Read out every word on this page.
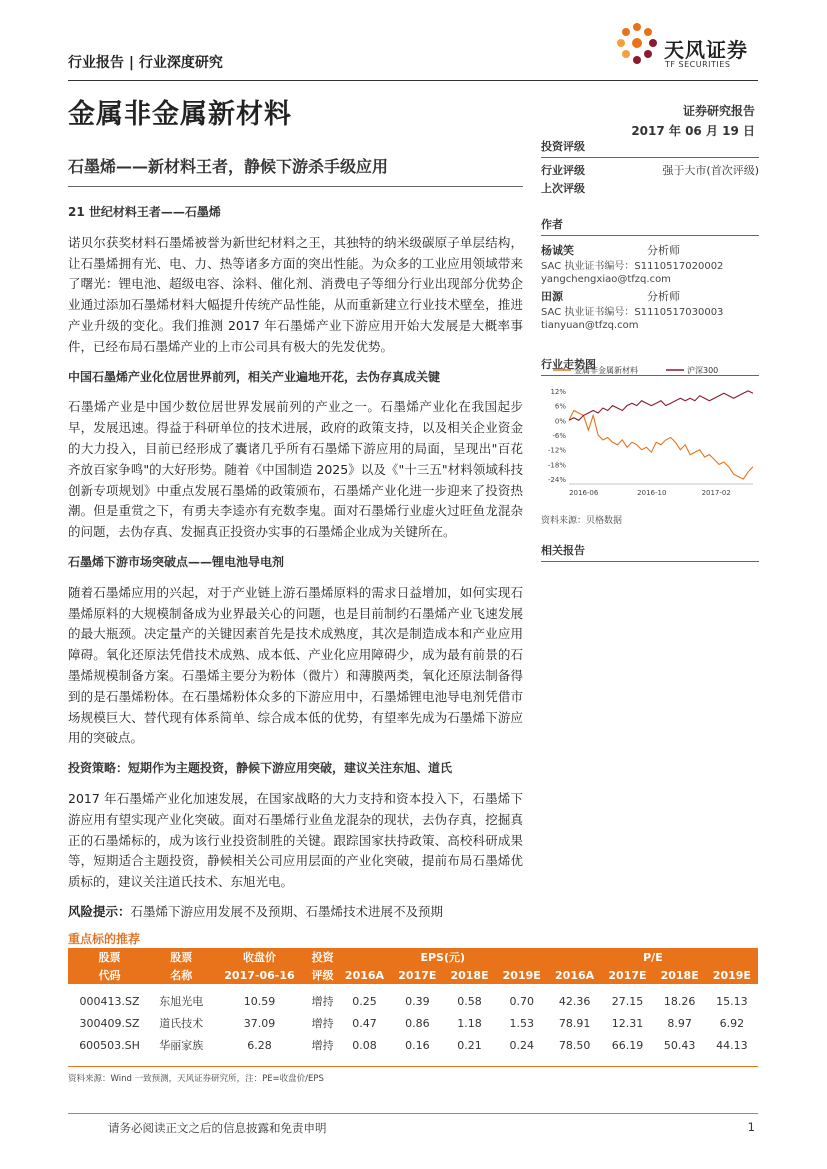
行业报告 | 行业深度研究
天风证券
TF SECURITIES
金属非金属新材料	证券研究报告
2017 年 06 月 19 日
石墨烯——新材料王者，静候下游杀手级应用
21 世纪材料王者——石墨烯

诺贝尔获奖材料石墨烯被誉为新世纪材料之王，其独特的纳米级碳原子单层结构，让石墨烯拥有光、电、力、热等诸多方面的突出性能。为众多的工业应用领域带来了曙光：锂电池、超级电容、涂料、催化剂、消费电子等细分行业出现部分优势企业通过添加石墨烯材料大幅提升传统产品性能，从而重新建立行业技术壁垒，推进产业升级的变化。我们推测 2017 年石墨烯产业下游应用开始大发展是大概率事件，已经布局石墨烯产业的上市公司具有极大的先发优势。

中国石墨烯产业化位居世界前列，相关产业遍地开花，去伪存真成关键

石墨烯产业是中国少数位居世界发展前列的产业之一。石墨烯产业化在我国起步早，发展迅速。得益于科研单位的技术进展，政府的政策支持，以及相关企业资金的大力投入，目前已经形成了囊诸几乎所有石墨烯下游应用的局面，呈现出"百花齐放百家争鸣"的大好形势。随着《中国制造 2025》以及《"十三五"材料领域科技创新专项规划》中重点发展石墨烯的政策颁布，石墨烯产业化进一步迎来了投资热潮。但是重赏之下，有勇夫李逵亦有充数李鬼。面对石墨烯行业虚火过旺鱼龙混杂的问题，去伪存真、发掘真正投资办实事的石墨烯企业成为关键所在。

石墨烯下游市场突破点——锂电池导电剂

随着石墨烯应用的兴起，对于产业链上游石墨烯原料的需求日益增加，如何实现石墨烯原料的大规模制备成为业界最关心的问题，也是目前制约石墨烯产业飞速发展的最大瓶颈。决定量产的关键因素首先是技术成熟度，其次是制造成本和产业应用障碍。氧化还原法凭借技术成熟、成本低、产业化应用障碍少，成为最有前景的石墨烯规模制备方案。石墨烯主要分为粉体（微片）和薄膜两类，氧化还原法制备得到的是石墨烯粉体。在石墨烯粉体众多的下游应用中，石墨烯锂电池导电剂凭借市场规模巨大、替代现有体系简单、综合成本低的优势，有望率先成为石墨烯下游应用的突破点。

投资策略：短期作为主题投资，静候下游应用突破，建议关注东旭、道氏

2017 年石墨烯产业化加速发展，在国家战略的大力支持和资本投入下，石墨烯下游应用有望实现产业化突破。面对石墨烯行业鱼龙混杂的现状，去伪存真，挖掘真正的石墨烯标的，成为该行业投资制胜的关键。跟踪国家扶持政策、高校科研成果等，短期适合主题投资，静候相关公司应用层面的产业化突破，提前布局石墨烯优质标的，建议关注道氏技术、东旭光电。

风险提示：石墨烯下游应用发展不及预期、石墨烯技术进展不及预期

投资评级
行业评级	强于大市(首次评级)
上次评级
作者
杨诚笑	分析师
SAC 执业证书编号：S1110517020002
yangchengxiao@tfzq.com
田源	分析师
SAC 执业证书编号：S1110517030003
tianyuan@tfzq.com
行业走势图
金属非金属新材料	沪深300
12%
6%
0%
-6%
-12%
-18%
-24%
2016-06	2016-10	2017-02
资料来源：贝格数据
相关报告
重点标的推荐
股票	股票	收盘价	投资	EPS(元)				P/E			
代码	名称	2017-06-16	评级	2016A	2017E	2018E	2019E	2016A	2017E	2018E	2019E
000413.SZ	东旭光电	10.59	增持	0.25	0.39	0.58	0.70	42.36	27.15	18.26	15.13
300409.SZ	道氏技术	37.09	增持	0.47	0.86	1.18	1.53	78.91	12.31	8.97	6.92
600503.SH	华丽家族	6.28	增持	0.08	0.16	0.21	0.24	78.50	66.19	50.43	44.13
资料来源：Wind 一致预测，天风证券研究所，注：PE=收盘价/EPS
请务必阅读正文之后的信息披露和免责申明	1
